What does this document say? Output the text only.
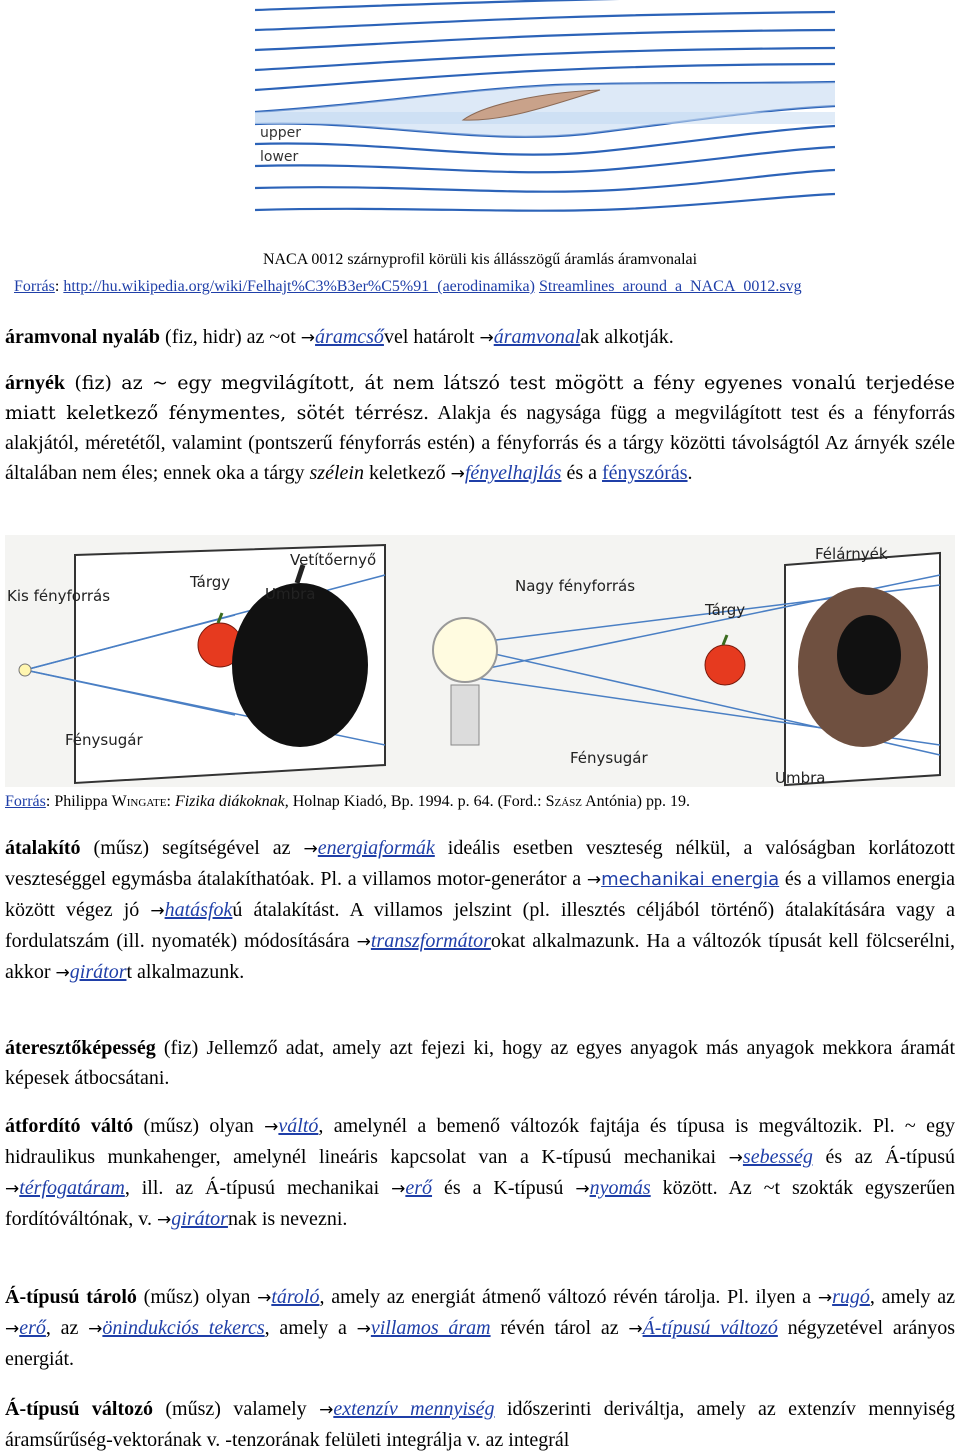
upper
lower
NACA 0012 szárnyprofil körüli kis állásszögű áramlás áramvonalai
Forrás: http://hu.wikipedia.org/wiki/Felhajt%C3%B3er%C5%91_(aerodinamika) Streamlines_around_a_NACA_0012.svg
áramvonal nyaláb (fiz, hidr) az ~ot →áramcsővel határolt →áramvonalak alkotják.
árnyék (fiz) az ~ egy megvilágított, át nem látszó test mögött a fény egyenes vonalú terjedése miatt keletkező fénymentes, sötét térrész. Alakja és nagysága függ a megvilágított test és a fényforrás alakjától, méretétől, valamint (pontszerű fényforrás estén) a fényforrás és a tárgy közötti távolságtól Az árnyék széle általában nem éles; ennek oka a tárgy szélein keletkező →fényelhajlás és a fényszórás.
Vetítőernyő
Tárgy
Umbra
Kis fényforrás
Fénysugár
Nagy fényforrás
Félárnyék
Tárgy
Fénysugár
Umbra
Forrás: Philippa Wingate: Fizika diákoknak, Holnap Kiadó, Bp. 1994. p. 64. (Ford.: Szász Antónia) pp. 19.
átalakító (műsz) segítségével az →energiaformák ideális esetben veszteség nélkül, a valóságban korlátozott veszteséggel egymásba átalakíthatóak. Pl. a villamos motor-generátor a →mechanikai energia és a villamos energia között végez jó →hatásfokú átalakítást. A villamos jelszint (pl. illesztés céljából történő) átalakítására vagy a fordulatszám (ill. nyomaték) módosítására →transzformátorokat alkalmazunk. Ha a változók típusát kell fölcserélni, akkor →girátort alkalmazunk.
áteresztőképesség (fiz) Jellemző adat, amely azt fejezi ki, hogy az egyes anyagok más anyagok mekkora áramát képesek átbocsátani.
átfordító váltó (műsz) olyan →váltó, amelynél a bemenő változók fajtája és típusa is megváltozik. Pl. ~ egy hidraulikus munkahenger, amelynél lineáris kapcsolat van a K-típusú mechanikai →sebesség és az Á-típusú →térfogatáram, ill. az Á-típusú mechanikai →erő és a K-típusú →nyomás között. Az ~t szokták egyszerűen fordítóváltónak, v. →girátornak is nevezni.
Á-típusú tároló (műsz) olyan →tároló, amely az energiát átmenő változó révén tárolja. Pl. ilyen a →rugó, amely az →erő, az →önindukciós tekercs, amely a →villamos áram révén tárol az →Á-típusú változó négyzetével arányos energiát.
Á-típusú változó (műsz) valamely →extenzív mennyiség időszerinti deriváltja, amely az extenzív mennyiség áramsűrűség-vektorának v. -tenzorának felületi integrálja v. az integrál
